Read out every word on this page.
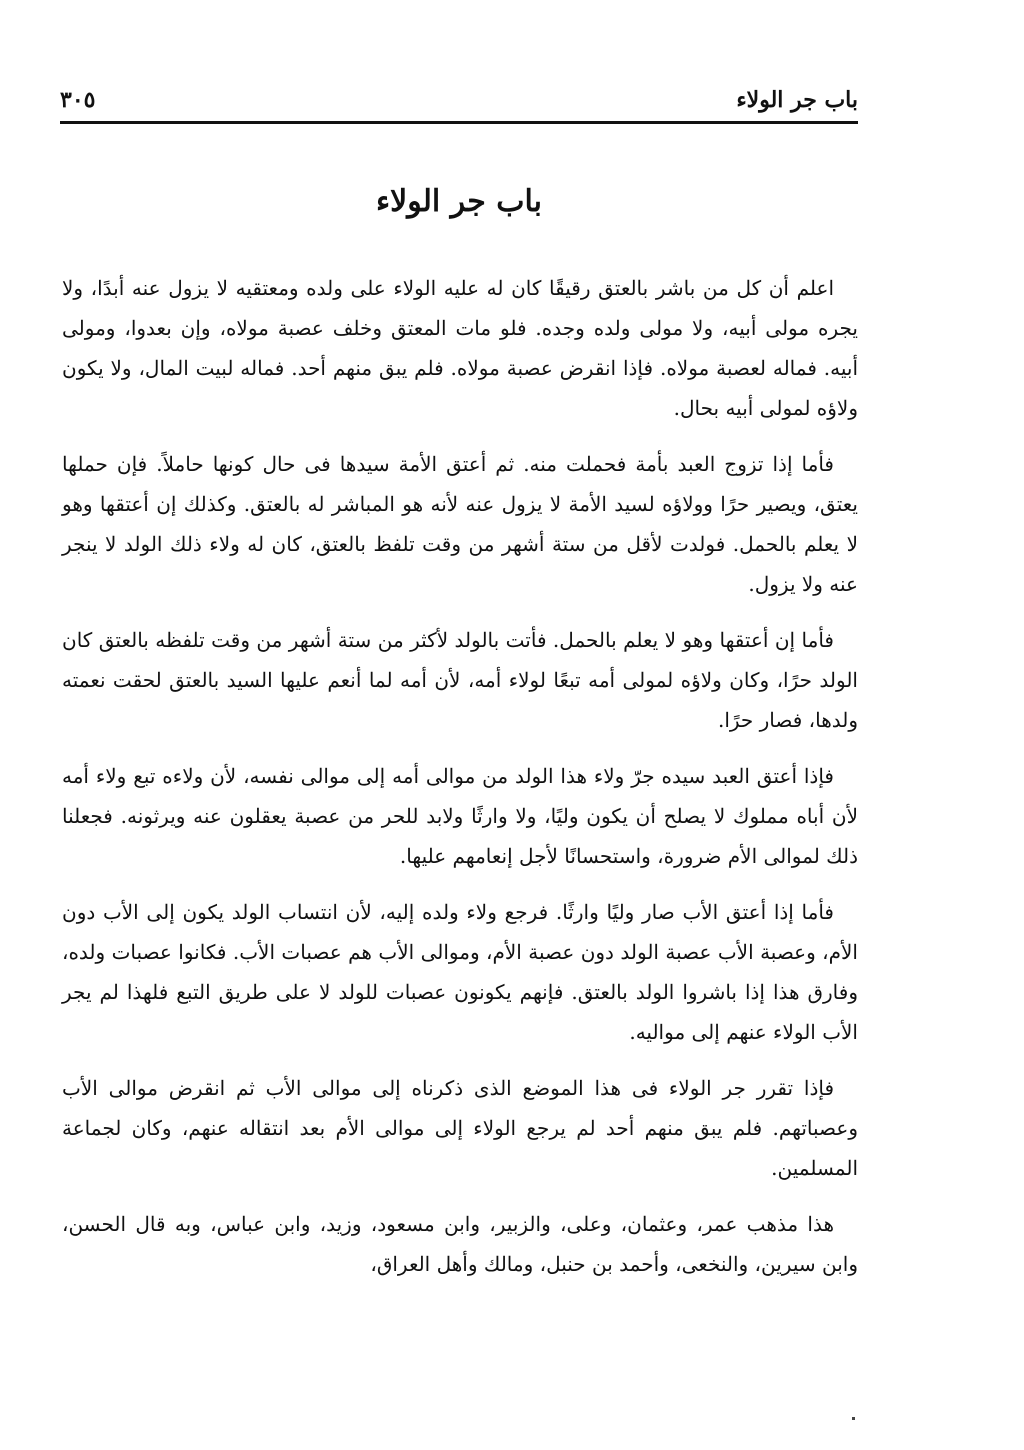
باب جر الولاء
٣٠٥
باب جر الولاء

اعلم أن كل من باشر بالعتق رقيقًا كان له عليه الولاء على ولده ومعتقيه لا يزول عنه أبدًا، ولا يجره مولى أبيه، ولا مولى ولده وجده. فلو مات المعتق وخلف عصبة مولاه، وإن بعدوا، ومولى أبيه. فماله لعصبة مولاه. فإذا انقرض عصبة مولاه. فلم يبق منهم أحد. فماله لبيت المال، ولا يكون ولاؤه لمولى أبيه بحال.

فأما إذا تزوج العبد بأمة فحملت منه. ثم أعتق الأمة سيدها فى حال كونها حاملاً. فإن حملها يعتق، ويصير حرًا وولاؤه لسيد الأمة لا يزول عنه لأنه هو المباشر له بالعتق. وكذلك إن أعتقها وهو لا يعلم بالحمل. فولدت لأقل من ستة أشهر من وقت تلفظ بالعتق، كان له ولاء ذلك الولد لا ينجر عنه ولا يزول.

فأما إن أعتقها وهو لا يعلم بالحمل. فأتت بالولد لأكثر من ستة أشهر من وقت تلفظه بالعتق كان الولد حرًا، وكان ولاؤه لمولى أمه تبعًا لولاء أمه، لأن أمه لما أنعم عليها السيد بالعتق لحقت نعمته ولدها، فصار حرًا.

فإذا أعتق العبد سيده جرّ ولاء هذا الولد من موالى أمه إلى موالى نفسه، لأن ولاءه تبع ولاء أمه لأن أباه مملوك لا يصلح أن يكون وليًا، ولا وارثًا ولابد للحر من عصبة يعقلون عنه ويرثونه. فجعلنا ذلك لموالى الأم ضرورة، واستحسانًا لأجل إنعامهم عليها.

فأما إذا أعتق الأب صار وليًا وارثًا. فرجع ولاء ولده إليه، لأن انتساب الولد يكون إلى الأب دون الأم، وعصبة الأب عصبة الولد دون عصبة الأم، وموالى الأب هم عصبات الأب. فكانوا عصبات ولده، وفارق هذا إذا باشروا الولد بالعتق. فإنهم يكونون عصبات للولد لا على طريق التبع فلهذا لم يجر الأب الولاء عنهم إلى مواليه.

فإذا تقرر جر الولاء فى هذا الموضع الذى ذكرناه إلى موالى الأب ثم انقرض موالى الأب وعصباتهم. فلم يبق منهم أحد لم يرجع الولاء إلى موالى الأم بعد انتقاله عنهم، وكان لجماعة المسلمين.

هذا مذهب عمر، وعثمان، وعلى، والزبير، وابن مسعود، وزيد، وابن عباس، وبه قال الحسن، وابن سيرين، والنخعى، وأحمد بن حنبل، ومالك وأهل العراق،
